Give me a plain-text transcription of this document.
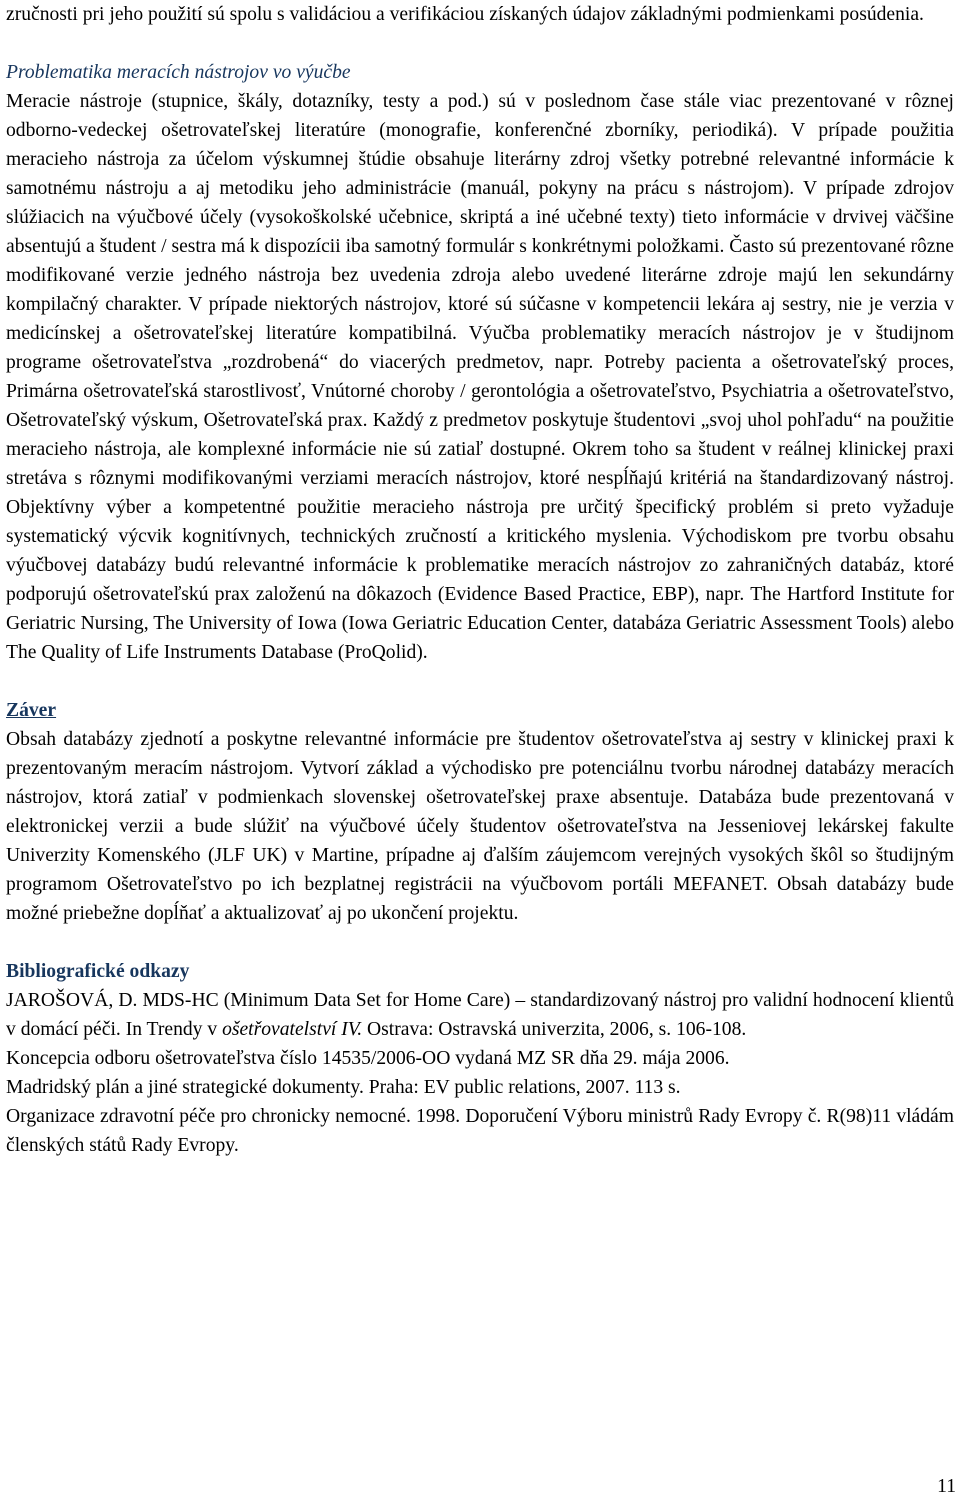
zručnosti pri jeho použití sú spolu s validáciou a verifikáciou získaných údajov základnými podmienkami posúdenia.

Problematika meracích nástrojov vo výučbe

Meracie nástroje (stupnice, škály, dotazníky, testy a pod.) sú v poslednom čase stále viac prezentované v rôznej odborno-vedeckej ošetrovateľskej literatúre (monografie, konferenčné zborníky, periodiká). V prípade použitia meracieho nástroja za účelom výskumnej štúdie obsahuje literárny zdroj všetky potrebné relevantné informácie k samotnému nástroju a aj metodiku jeho administrácie (manuál, pokyny na prácu s nástrojom). V prípade zdrojov slúžiacich na výučbové účely (vysokoškolské učebnice, skriptá a iné učebné texty) tieto informácie v drvivej väčšine absentujú a študent / sestra má k dispozícii iba samotný formulár s konkrétnymi položkami. Často sú prezentované rôzne modifikované verzie jedného nástroja bez uvedenia zdroja alebo uvedené literárne zdroje majú len sekundárny kompilačný charakter. V prípade niektorých nástrojov, ktoré sú súčasne v kompetencii lekára aj sestry, nie je verzia v medicínskej a ošetrovateľskej literatúre kompatibilná. Výučba problematiky meracích nástrojov je v študijnom programe ošetrovateľstva „rozdrobená“ do viacerých predmetov, napr. Potreby pacienta a ošetrovateľský proces, Primárna ošetrovateľská starostlivosť, Vnútorné choroby / gerontológia a ošetrovateľstvo, Psychiatria a ošetrovateľstvo, Ošetrovateľský výskum, Ošetrovateľská prax. Každý z predmetov poskytuje študentovi „svoj uhol pohľadu“ na použitie meracieho nástroja, ale komplexné informácie nie sú zatiaľ dostupné. Okrem toho sa študent v reálnej klinickej praxi stretáva s rôznymi modifikovanými verziami meracích nástrojov, ktoré nespĺňajú kritériá na štandardizovaný nástroj. Objektívny výber a kompetentné použitie meracieho nástroja pre určitý špecifický problém si preto vyžaduje systematický výcvik kognitívnych, technických zručností a kritického myslenia. Východiskom pre tvorbu obsahu výučbovej databázy budú relevantné informácie k problematike meracích nástrojov zo zahraničných databáz, ktoré podporujú ošetrovateľskú prax založenú na dôkazoch (Evidence Based Practice, EBP), napr. The Hartford Institute for Geriatric Nursing, The University of Iowa (Iowa Geriatric Education Center, databáza Geriatric Assessment Tools) alebo The Quality of Life Instruments Database (ProQolid).

Záver

Obsah databázy zjednotí a poskytne relevantné informácie pre študentov ošetrovateľstva aj sestry v klinickej praxi k prezentovaným meracím nástrojom. Vytvorí základ a východisko pre potenciálnu tvorbu národnej databázy meracích nástrojov, ktorá zatiaľ v podmienkach slovenskej ošetrovateľskej praxe absentuje. Databáza bude prezentovaná v elektronickej verzii a bude slúžiť na výučbové účely študentov ošetrovateľstva na Jesseniovej lekárskej fakulte Univerzity Komenského (JLF UK) v Martine, prípadne aj ďalším záujemcom verejných vysokých škôl so študijným programom Ošetrovateľstvo po ich bezplatnej registrácii na výučbovom portáli MEFANET. Obsah databázy bude možné priebežne dopĺňať a aktualizovať aj po ukončení projektu.

Bibliografické odkazy

JAROŠOVÁ, D. MDS-HC (Minimum Data Set for Home Care) – standardizovaný nástroj pro validní hodnocení klientů v domácí péči. In Trendy v ošetřovatelství IV. Ostrava: Ostravská univerzita, 2006, s. 106-108.

Koncepcia odboru ošetrovateľstva číslo 14535/2006-OO vydaná MZ SR dňa 29. mája 2006.

Madridský plán a jiné strategické dokumenty. Praha: EV public relations, 2007. 113 s.

Organizace zdravotní péče pro chronicky nemocné. 1998. Doporučení Výboru ministrů Rady Evropy č. R(98)11 vládám členských států Rady Evropy.

11
